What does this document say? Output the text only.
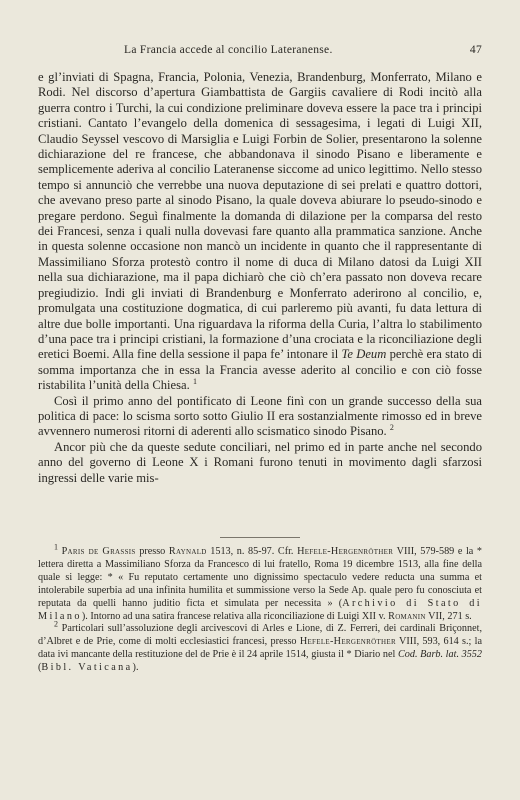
La Francia accede al concilio Lateranense.	47

e gl’inviati di Spagna, Francia, Polonia, Venezia, Brandenburg, Monferrato, Milano e Rodi. Nel discorso d’apertura Giambattista de Gargiis cavaliere di Rodi incitò alla guerra contro i Turchi, la cui condizione preliminare doveva essere la pace tra i principi cristiani. Cantato l’evangelo della domenica di sessagesima, i legati di Luigi XII, Claudio Seyssel vescovo di Marsiglia e Luigi Forbin de Solier, presentarono la solenne dichiarazione del re francese, che abbandonava il sinodo Pisano e liberamente e semplicemente aderiva al concilio Lateranense siccome ad unico legittimo. Nello stesso tempo si annunciò che verrebbe una nuova deputazione di sei prelati e quattro dottori, che avevano preso parte al sinodo Pisano, la quale doveva abiurare lo pseudo-sinodo e pregare perdono. Seguì finalmente la domanda di dilazione per la comparsa del resto dei Francesi, senza i quali nulla dovevasi fare quanto alla prammatica sanzione. Anche in questa solenne occasione non mancò un incidente in quanto che il rappresentante di Massimiliano Sforza protestò contro il nome di duca di Milano datosi da Luigi XII nella sua dichiarazione, ma il papa dichiarò che ciò ch’era passato non doveva recare pregiudizio. Indi gli inviati di Brandenburg e Monferrato aderirono al concilio, e, promulgata una costituzione dogmatica, di cui parleremo più avanti, fu data lettura di altre due bolle importanti. Una riguardava la riforma della Curia, l’altra lo stabilimento d’una pace tra i principi cristiani, la formazione d’una crociata e la riconciliazione degli eretici Boemi. Alla fine della sessione il papa fe’ intonare il Te Deum perchè era stato di somma importanza che in essa la Francia avesse aderito al concilio e con ciò fosse ristabilita l’unità della Chiesa. $^1$

Così il primo anno del pontificato di Leone finì con un grande successo della sua politica di pace: lo scisma sorto sotto Giulio II era sostanzialmente rimosso ed in breve avvennero numerosi ritorni di aderenti allo scismatico sinodo Pisano. $^2$

Ancor più che da queste sedute conciliari, nel primo ed in parte anche nel secondo anno del governo di Leone X i Romani furono tenuti in movimento dagli sfarzosi ingressi delle varie mis-

$^1$ Paris de Grassis presso Raynald 1513, n. 85-97. Cfr. Hefele-Hergenröther VIII, 579-589 e la * lettera diretta a Massimiliano Sforza da Francesco di lui fratello, Roma 19 dicembre 1513, alla fine della quale si legge: * « Fu reputato certamente uno dignissimo spectaculo vedere reducta una summa et intolerabile superbia ad una infinita humilita et summissione verso la Sede Ap. quale pero fu conosciuta et reputata da quelli hanno juditio ficta et simulata per necessita » (Archivio di Stato di Milano). Intorno ad una satira francese relativa alla riconciliazione di Luigi XII v. Romanin VII, 271 s.

$^2$ Particolari sull’assoluzione degli arcivescovi di Arles e Lione, di Z. Ferreri, dei cardinali Briçonnet, d’Albret e de Prie, come di molti ecclesiastici francesi, presso Hefele-Hergenröther VIII, 593, 614 s.; la data ivi mancante della restituzione del de Prie è il 24 aprile 1514, giusta il * Diario nel Cod. Barb. lat. 3552 (Bibl. Vaticana).
